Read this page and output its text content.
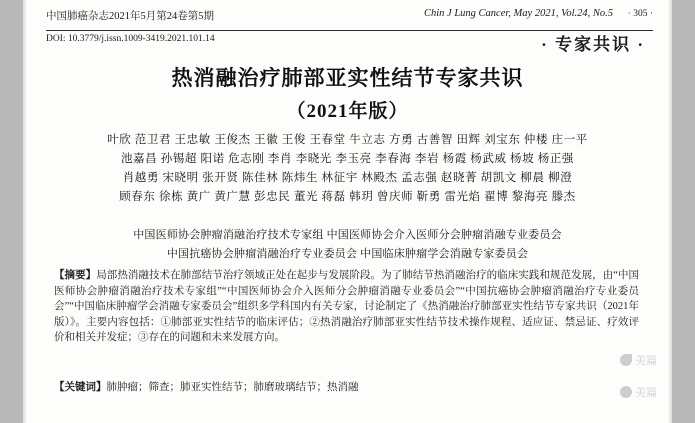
中国肺癌杂志2021年5月第24卷第5期	Chin J Lung Cancer, May 2021, Vol.24, No.5 · 305 ·
DOI: 10.3779/j.issn.1009-3419.2021.101.14	· 专家共识 ·
热消融治疗肺部亚实性结节专家共识
（2021年版）
叶欣 范卫君 王忠敏 王俊杰 王徽 王俊 王春堂 牛立志 方勇 古善智 田辉 刘宝东 仲楼 庄一平
池嘉昌 孙锡超 阳诺 危志刚 李肖 李晓光 李玉亮 李春海 李岩 杨霞 杨武威 杨坡 杨正强
肖越勇 宋晓明 张开贤 陈佳林 陈炜生 林征宇 林殿杰 孟志强 赵晓菁 胡凯文 柳晨 柳澄
顾春东 徐栋 黄广 黄广慧 彭忠民 董光 蒋磊 韩玥 曾庆师 靳勇 雷光焰 翟博 黎海亮 滕杰
中国医师协会肿瘤消融治疗技术专家组 中国医师协会介入医师分会肿瘤消融专业委员会
中国抗癌协会肿瘤消融治疗专业委员会 中国临床肿瘤学会消融专家委员会
【摘要】局部热消融技术在肺部结节治疗领域正处在起步与发展阶段。为了肺结节热消融治疗的临床实践和规范发展，由“中国医师协会肿瘤消融治疗技术专家组”“中国医师协会介入医师分会肿瘤消融专业委员会”“中国抗癌协会肿瘤消融治疗专业委员会”“中国临床肿瘤学会消融专家委员会”组织多学科国内有关专家，讨论制定了《热消融治疗肺部亚实性结节专家共识（2021年版）》。主要内容包括：①肺部亚实性结节的临床评估；②热消融治疗肺部亚实性结节技术操作规程、适应证、禁忌证、疗效评价和相关并发症；③存在的问题和未来发展方向。
【关键词】肺肿瘤；筛查；肺亚实性结节；肺磨玻璃结节；热消融
美篇
美篇
